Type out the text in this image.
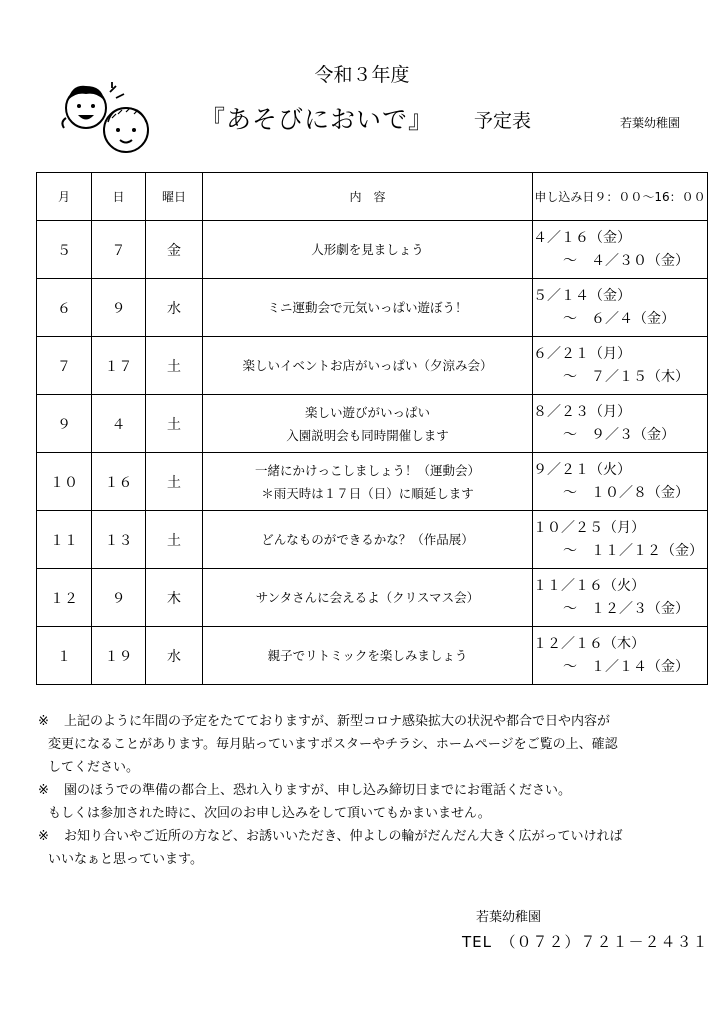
令和３年度
『あそびにおいで』 予定表	若葉幼稚園
月	日	曜日	内　容	申し込み日９：００～16：００
５	７	金	人形劇を見ましょう	４／１６（金）
～　４／３０（金）

６	９	水	ミニ運動会で元気いっぱい遊ぼう！	５／１４（金）
～　６／４（金）

７	１７	土	楽しいイベントお店がいっぱい（夕涼み会）	６／２１（月）
～　７／１５（木）

９	４	土	楽しい遊びがいっぱい
入園説明会も同時開催します	８／２３（月）
～　９／３（金）

１０	１６	土	一緒にかけっこしましょう！（運動会）
＊雨天時は１７日（日）に順延します	９／２１（火）
～　１０／８（金）

１１	１３	土	どんなものができるかな？（作品展）	１０／２５（月）
～　１１／１２（金）

１２	９	木	サンタさんに会えるよ（クリスマス会）	１１／１６（火）
～　１２／３（金）

１	１９	水	親子でリトミックを楽しみましょう	１２／１６（木）
～　１／１４（金）
※	上記のように年間の予定をたてておりますが、新型コロナ感染拡大の状況や都合で日や内容が
変更になることがあります。毎月貼っていますポスターやチラシ、ホームページをご覧の上、確認
してください。
※	園のほうでの準備の都合上、恐れ入りますが、申し込み締切日までにお電話ください。
もしくは参加された時に、次回のお申し込みをして頂いてもかまいません。
※	お知り合いやご近所の方など、お誘いいただき、仲よしの輪がだんだん大きく広がっていければ
いいなぁと思っています。
若葉幼稚園
TEL　（０７２）７２１－２４３１
